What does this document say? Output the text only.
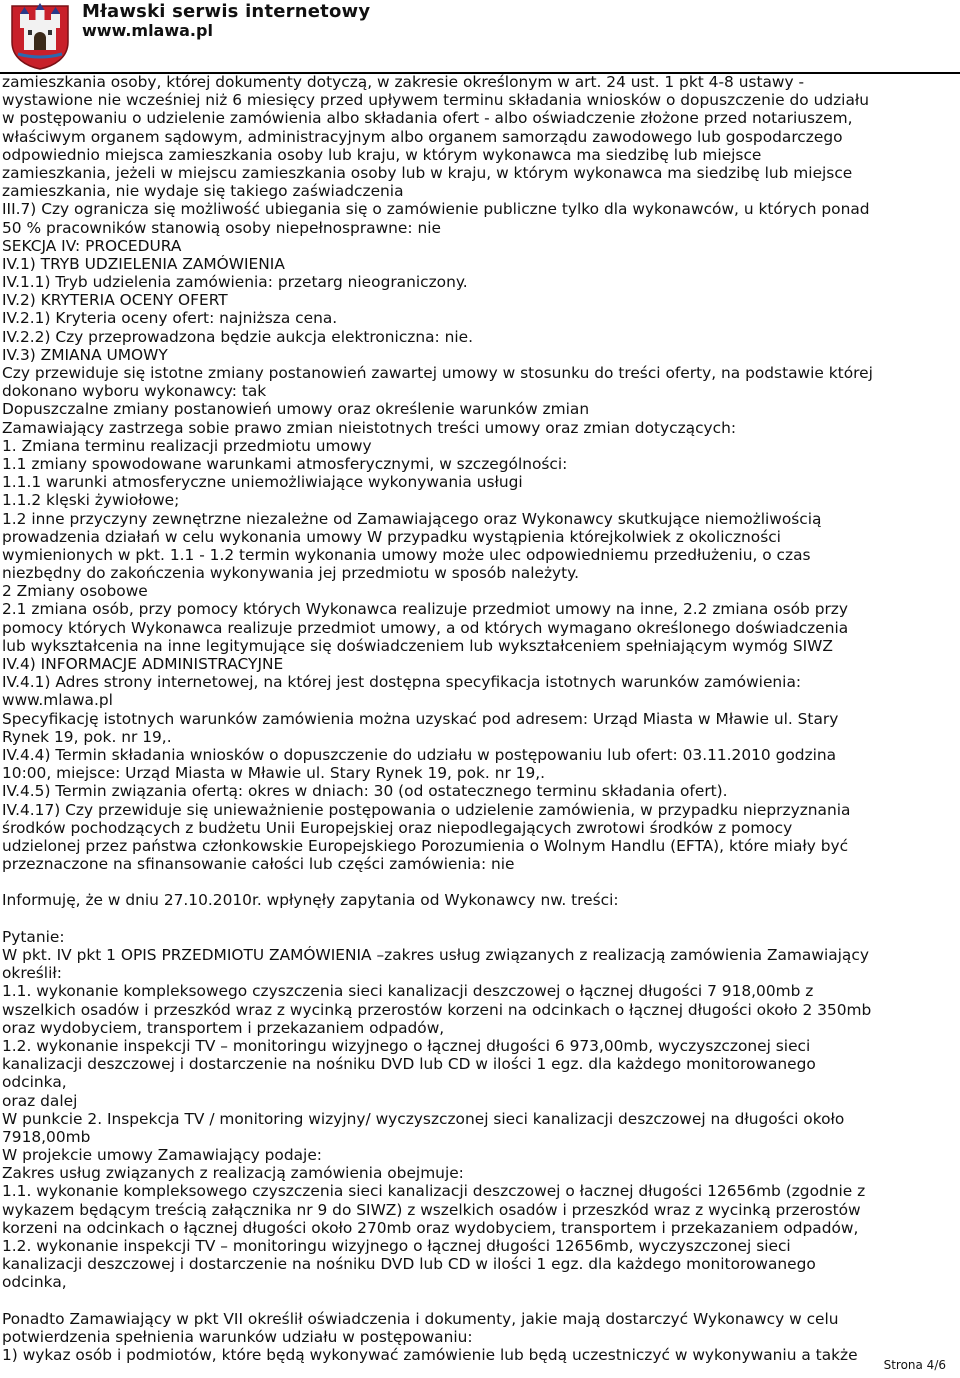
Mławski serwis internetowy
www.mlawa.pl
zamieszkania osoby, której dokumenty dotyczą, w zakresie określonym w art. 24 ust. 1 pkt 4-8 ustawy -
wystawione nie wcześniej niż 6 miesięcy przed upływem terminu składania wniosków o dopuszczenie do udziału
w postępowaniu o udzielenie zamówienia albo składania ofert - albo oświadczenie złożone przed notariuszem,
właściwym organem sądowym, administracyjnym albo organem samorządu zawodowego lub gospodarczego
odpowiednio miejsca zamieszkania osoby lub kraju, w którym wykonawca ma siedzibę lub miejsce
zamieszkania, jeżeli w miejscu zamieszkania osoby lub w kraju, w którym wykonawca ma siedzibę lub miejsce
zamieszkania, nie wydaje się takiego zaświadczenia
III.7) Czy ogranicza się możliwość ubiegania się o zamówienie publiczne tylko dla wykonawców, u których ponad
50 % pracowników stanowią osoby niepełnosprawne: nie
SEKCJA IV: PROCEDURA
IV.1) TRYB UDZIELENIA ZAMÓWIENIA
IV.1.1) Tryb udzielenia zamówienia: przetarg nieograniczony.
IV.2) KRYTERIA OCENY OFERT
IV.2.1) Kryteria oceny ofert: najniższa cena.
IV.2.2) Czy przeprowadzona będzie aukcja elektroniczna: nie.
IV.3) ZMIANA UMOWY
Czy przewiduje się istotne zmiany postanowień zawartej umowy w stosunku do treści oferty, na podstawie której
dokonano wyboru wykonawcy: tak
Dopuszczalne zmiany postanowień umowy oraz określenie warunków zmian
Zamawiający zastrzega sobie prawo zmian nieistotnych treści umowy oraz zmian dotyczących:
1. Zmiana terminu realizacji przedmiotu umowy
1.1 zmiany spowodowane warunkami atmosferycznymi, w szczególności:
1.1.1 warunki atmosferyczne uniemożliwiające wykonywania usługi
1.1.2 klęski żywiołowe;
1.2 inne przyczyny zewnętrzne niezależne od Zamawiającego oraz Wykonawcy skutkujące niemożliwością
prowadzenia działań w celu wykonania umowy W przypadku wystąpienia którejkolwiek z okoliczności
wymienionych w pkt. 1.1 - 1.2 termin wykonania umowy może ulec odpowiedniemu przedłużeniu, o czas
niezbędny do zakończenia wykonywania jej przedmiotu w sposób należyty.
2 Zmiany osobowe
2.1 zmiana osób, przy pomocy których Wykonawca realizuje przedmiot umowy na inne, 2.2 zmiana osób przy
pomocy których Wykonawca realizuje przedmiot umowy, a od których wymagano określonego doświadczenia
lub wykształcenia na inne legitymujące się doświadczeniem lub wykształceniem spełniającym wymóg SIWZ
IV.4) INFORMACJE ADMINISTRACYJNE
IV.4.1) Adres strony internetowej, na której jest dostępna specyfikacja istotnych warunków zamówienia:
www.mlawa.pl
Specyfikację istotnych warunków zamówienia można uzyskać pod adresem: Urząd Miasta w Mławie ul. Stary
Rynek 19, pok. nr 19,.
IV.4.4) Termin składania wniosków o dopuszczenie do udziału w postępowaniu lub ofert: 03.11.2010 godzina
10:00, miejsce: Urząd Miasta w Mławie ul. Stary Rynek 19, pok. nr 19,.
IV.4.5) Termin związania ofertą: okres w dniach: 30 (od ostatecznego terminu składania ofert).
IV.4.17) Czy przewiduje się unieważnienie postępowania o udzielenie zamówienia, w przypadku nieprzyznania
środków pochodzących z budżetu Unii Europejskiej oraz niepodlegających zwrotowi środków z pomocy
udzielonej przez państwa członkowskie Europejskiego Porozumienia o Wolnym Handlu (EFTA), które miały być
przeznaczone na sfinansowanie całości lub części zamówienia: nie
Informuję, że w dniu 27.10.2010r. wpłynęły zapytania od Wykonawcy nw. treści:
Pytanie:
W pkt. IV pkt 1 OPIS PRZEDMIOTU ZAMÓWIENIA –zakres usług związanych z realizacją zamówienia Zamawiający
określił:
1.1. wykonanie kompleksowego czyszczenia sieci kanalizacji deszczowej o łącznej długości 7 918,00mb z
wszelkich osadów i przeszkód wraz z wycinką przerostów korzeni na odcinkach o łącznej długości około 2 350mb
oraz wydobyciem, transportem i przekazaniem odpadów,
1.2. wykonanie inspekcji TV – monitoringu wizyjnego o łącznej długości 6 973,00mb, wyczyszczonej sieci
kanalizacji deszczowej i dostarczenie na nośniku DVD lub CD w ilości 1 egz. dla każdego monitorowanego
odcinka,
oraz dalej
W punkcie 2. Inspekcja TV / monitoring wizyjny/ wyczyszczonej sieci kanalizacji deszczowej na długości około
7918,00mb
W projekcie umowy Zamawiający podaje:
Zakres usług związanych z realizacją zamówienia obejmuje:
1.1. wykonanie kompleksowego czyszczenia sieci kanalizacji deszczowej o łacznej długości 12656mb (zgodnie z
wykazem będącym treścią załącznika nr 9 do SIWZ) z wszelkich osadów i przeszkód wraz z wycinką przerostów
korzeni na odcinkach o łącznej długości około 270mb oraz wydobyciem, transportem i przekazaniem odpadów,
1.2. wykonanie inspekcji TV – monitoringu wizyjnego o łącznej długości 12656mb, wyczyszczonej sieci
kanalizacji deszczowej i dostarczenie na nośniku DVD lub CD w ilości 1 egz. dla każdego monitorowanego
odcinka,
Ponadto Zamawiający w pkt VII określił oświadczenia i dokumenty, jakie mają dostarczyć Wykonawcy w celu
potwierdzenia spełnienia warunków udziału w postępowaniu:
1) wykaz osób i podmiotów, które będą wykonywać zamówienie lub będą uczestniczyć w wykonywaniu a także
Strona 4/6
